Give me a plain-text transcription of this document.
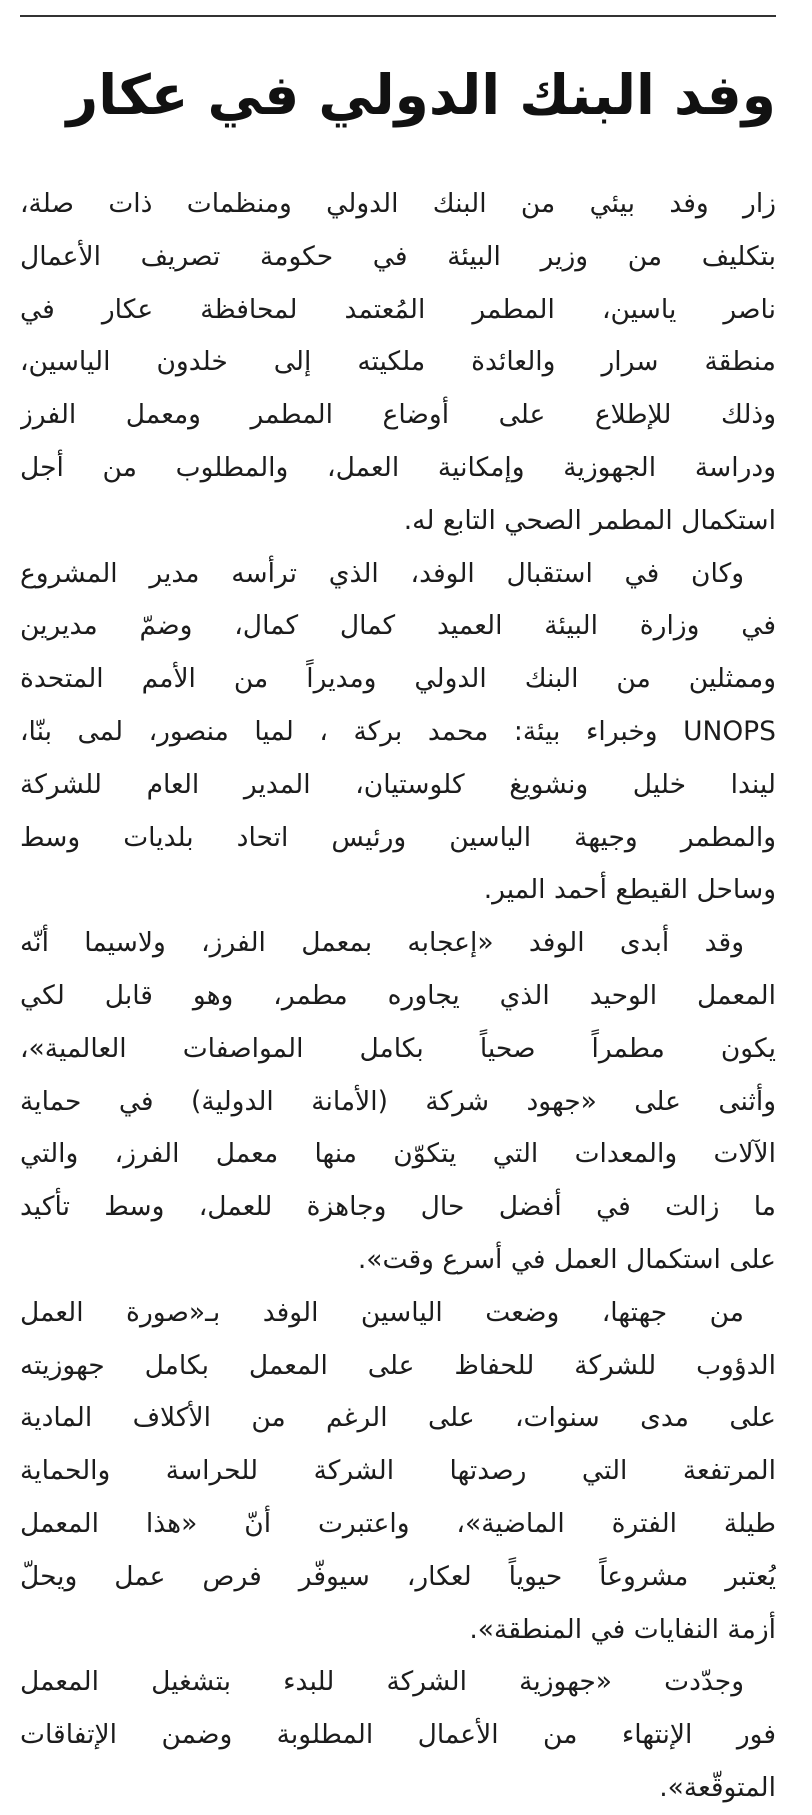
وفد البنك الدولي في عكار
زار وفد بيئي من البنك الدولي ومنظمات ذات صلة،
بتكليف من وزير البيئة في حكومة تصريف الأعمال
ناصر ياسين، المطمر المُعتمد لمحافظة عكار في
منطقة سرار والعائدة ملكيته إلى خلدون الياسين،
وذلك للإطلاع على أوضاع المطمر ومعمل الفرز
ودراسة الجهوزية وإمكانية العمل، والمطلوب من أجل
استكمال المطمر الصحي التابع له.
وكان في استقبال الوفد، الذي ترأسه مدير المشروع
في وزارة البيئة العميد كمال كمال، وضمّ مديرين
وممثلين من البنك الدولي ومديراً من الأمم المتحدة
UNOPS وخبراء بيئة: محمد بركة ، لميا منصور، لمى بنّا،
ليندا خليل ونشويغ كلوستيان، المدير العام للشركة
والمطمر وجيهة الياسين ورئيس اتحاد بلديات وسط
وساحل القيطع أحمد المير.
وقد أبدى الوفد «إعجابه بمعمل الفرز، ولاسيما أنّه
المعمل الوحيد الذي يجاوره مطمر، وهو قابل لكي
يكون مطمراً صحياً بكامل المواصفات العالمية»،
وأثنى على «جهود شركة (الأمانة الدولية) في حماية
الآلات والمعدات التي يتكوّن منها معمل الفرز، والتي
ما زالت في أفضل حال وجاهزة للعمل، وسط تأكيد
على استكمال العمل في أسرع وقت».
من جهتها، وضعت الياسين الوفد بـ«صورة العمل
الدؤوب للشركة للحفاظ على المعمل بكامل جهوزيته
على مدى سنوات، على الرغم من الأكلاف المادية
المرتفعة التي رصدتها الشركة للحراسة والحماية
طيلة الفترة الماضية»، واعتبرت أنّ «هذا المعمل
يُعتبر مشروعاً حيوياً لعكار، سيوفّر فرص عمل ويحلّ
أزمة النفايات في المنطقة».
وجدّدت «جهوزية الشركة للبدء بتشغيل المعمل
فور الإنتهاء من الأعمال المطلوبة وضمن الإتفاقات
المتوقّعة».
